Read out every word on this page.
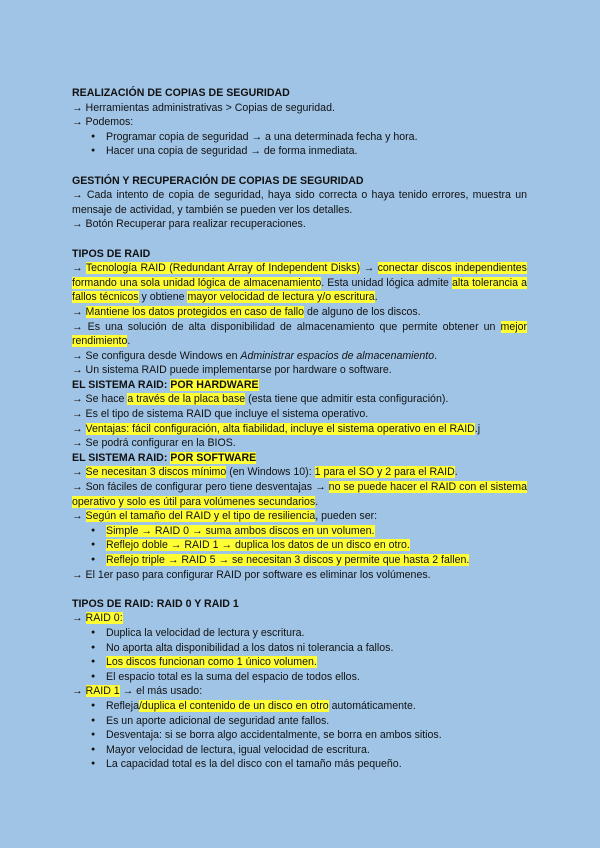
REALIZACIÓN DE COPIAS DE SEGURIDAD

→ Herramientas administrativas > Copias de seguridad.

→ Podemos:

● Programar copia de seguridad → a una determinada fecha y hora.
● Hacer una copia de seguridad → de forma inmediata.

GESTIÓN Y RECUPERACIÓN DE COPIAS DE SEGURIDAD

→ Cada intento de copia de seguridad, haya sido correcta o haya tenido errores, muestra un mensaje de actividad, y también se pueden ver los detalles.

→ Botón Recuperar para realizar recuperaciones.

TIPOS DE RAID

→ Tecnología RAID (Redundant Array of Independent Disks) → conectar discos independientes formando una sola unidad lógica de almacenamiento. Esta unidad lógica admite alta tolerancia a fallos técnicos y obtiene mayor velocidad de lectura y/o escritura.

→ Mantiene los datos protegidos en caso de fallo de alguno de los discos.

→ Es una solución de alta disponibilidad de almacenamiento que permite obtener un mejor rendimiento.

→ Se configura desde Windows en Administrar espacios de almacenamiento.

→ Un sistema RAID puede implementarse por hardware o software.

EL SISTEMA RAID: POR HARDWARE

→ Se hace a través de la placa base (esta tiene que admitir esta configuración).

→ Es el tipo de sistema RAID que incluye el sistema operativo.

→ Ventajas: fácil configuración, alta fiabilidad, incluye el sistema operativo en el RAID.j

→ Se podrá configurar en la BIOS.

EL SISTEMA RAID: POR SOFTWARE

→ Se necesitan 3 discos mínimo (en Windows 10): 1 para el SO y 2 para el RAID.

→ Son fáciles de configurar pero tiene desventajas → no se puede hacer el RAID con el sistema operativo y solo es útil para volúmenes secundarios.

→ Según el tamaño del RAID y el tipo de resiliencia, pueden ser:

● Simple → RAID 0 → suma ambos discos en un volumen.
● Reflejo doble → RAID 1 → duplica los datos de un disco en otro.
● Reflejo triple → RAID 5 → se necesitan 3 discos y permite que hasta 2 fallen.

→ El 1er paso para configurar RAID por software es eliminar los volúmenes.

TIPOS DE RAID: RAID 0 Y RAID 1

→ RAID 0:

● Duplica la velocidad de lectura y escritura.
● No aporta alta disponibilidad a los datos ni tolerancia a fallos.
● Los discos funcionan como 1 único volumen.
● El espacio total es la suma del espacio de todos ellos.

→ RAID 1 → el más usado:

● Refleja/duplica el contenido de un disco en otro automáticamente.
● Es un aporte adicional de seguridad ante fallos.
● Desventaja: si se borra algo accidentalmente, se borra en ambos sitios.
● Mayor velocidad de lectura, igual velocidad de escritura.
● La capacidad total es la del disco con el tamaño más pequeño.
